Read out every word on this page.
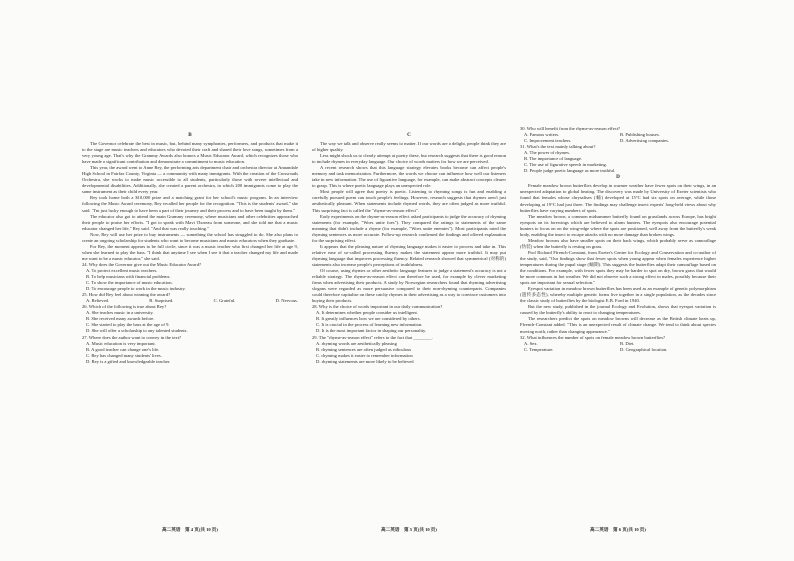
B

The Governor celebrate the best in music, but, behind many symphonies, performers, and products that make it to the stage are music teachers and educators who devoted their craft and shared their love songs, sometimes from a very young age. That's why the Grammy Awards also honors a Music Educator Award, which recognizes those who have made a significant contribution and demonstrate a commitment to music education.

This year, the award went to Anne Rey, the performing arts department chair and orchestra director at Annandale High School in Fairfax County, Virginia — a community with many immigrants. With the creation of the Crossroads Orchestra, she works to make music accessible to all students, particularly those with severe intellectual and developmental disabilities. Additionally, she created a parent orchestra, in which 200 immigrants come to play the same instrument as their child every year.

Rey took home both a $10,000 prize and a matching grant for her school's music program. In an interview following the Music Award ceremony, Rey recalled her people for the recognition. "This is the students' award," she said. "I'm just lucky enough to have been a part of their journey and their process and to have been taught by them."

The educator also got to attend the main Grammy ceremony, where musicians and other celebrities approached their people to praise her efforts. "I got to speak with Mavi Thoreau from someone, and she told me that a music educator changed her life," Rey said. "And that was really touching."

Now, Rey will use her prize to buy instruments — something the school has struggled to do. She also plans to create an ongoing scholarship for students who want to become musicians and music educators when they graduate.

For Rey, the moment appears to be full circle, since it was a music teacher who first changed her life at age 9, when she learned to play the bass. "I think that anytime I see when I see it that a teacher changed my life and made me want to be a music educator," she said.

24. Why does the Governor give out the Music Educator Award?

A. To protect excellent music teachers.

B. To help musicians with financial problems.

C. To show the importance of music education.

D. To encourage people to work in the music industry.

25. How did Rey feel about winning the award?

A. Relieved.	B. Surprised.	C. Grateful.	D. Nervous.

26. Which of the following is true about Rey?

A. She teaches music in a university.

B. She received many awards before.

C. She started to play the bass at the age of 9.

D. She will offer a scholarship to any talented students.

27. Where does the author want to convey in the text?

A. Music education is very important.

B. A good teacher can change one's life.

C. Rey has changed many students' lives.

D. Rey is a gifted and knowledgeable teacher.

C

The way we talk and observe really seems to matter. If our words are a delight, people think they are of higher quality.

Less might shock us to clearly attempt at poetry these, but research suggests that there is good reason to include rhymes in everyday language. Our choice of words matters for how we are perceived.

A recent research shows that this language strategy elevates books become can affect people's memory and task memorization. Furthermore, the words we choose can influence how well our listeners take in new information. The use of figurative language, for example, can make abstract concepts clearer to grasp. This is where poetic language plays an unexpected role.

Most people will agree that poetry is poetic. Listening to rhyming songs is fun and enabling a carefully pursued poem can touch people's feelings. However, research suggests that rhymes aren't just aesthetically pleasant. When statements include rhymed words, they are often judged as more truthful. This surprising fact is called the "rhyme-as-reason effect".

Early experiments on the rhyme-as-reason effect asked participants to judge the accuracy of rhyming statements (for example, "Woes unite foes"). They compared the ratings to statements of the same meaning that didn't include a rhyme (for example, "Woes unite enemies"). Most participants rated the rhyming sentences as more accurate. Follow-up research confirmed the findings and offered explanation for the surprising effect.

It appears that the pleasing nature of rhyming language makes it easier to process and take in. This relative ease of so-called processing fluency makes the statement appear more truthful. It may put rhyming language that improves processing fluency. Related research showed that symmetrical (对称的) statements also increase people's perceptions of truthfulness.

Of course, using rhymes or other aesthetic language features to judge a statement's accuracy is not a reliable strategy. The rhyme-as-reason effect can therefore be used, for example by clever marketing firms when advertising their products. A study by Norwegian researchers found that rhyming advertising slogans were regarded as more persuasive compared to their non-rhyming counterparts. Companies could therefore capitalise on these catchy rhymes in their advertising as a way to convince customers into buying their products.

28. Why is the choice of words important in our daily communication?

A. It determines whether people consider us intelligent.

B. It greatly influences how we are considered by others.

C. It is crucial in the process of learning new information.

D. It is the most important factor in shaping our personality.

29. The "rhyme-as-reason effect" refers to the fact that ________.

A. rhyming words are aesthetically pleasing

B. rhyming sentences are often judged as ridiculous

C. rhyming makes it easier to remember information

D. rhyming statements are more likely to be believed

30. Who will benefit from the rhyme-as-reason effect?

A. Famous writers.	B. Publishing houses.
C. Improvement teachers.	D. Advertising companies.

31. What's the text mainly talking about?

A. The power of rhymes.

B. The importance of language.

C. The use of figurative speech in marketing.

D. People judge poetic language as more truthful.

D

Female meadow brown butterflies develop in warmer weather have fewer spots on their wings, in an unexpected adaptation to global heating. The discovery was made by University of Exeter scientists who found that females whose chrysalises (蛹) developed at 15°C had six spots on average, while those developing at 19°C had just three. The findings may challenge insect experts' long-held views about why butterflies have varying numbers of spots.

The meadow brown, a common midsummer butterfly found on grasslands across Europe, has bright eyespots on its forewings which are believed to alarm hunters. The eyespots also encourage potential hunters to focus on on the wing-edge where the spots are positioned, well away from the butterfly's weak body, enabling the insect to escape attacks with no more damage than broken wings.

Meadow browns also have smaller spots on their back wings, which probably serve as camouflage (伪装) when the butterfly is resting on grass.

Prof Richard Ffrench-Constant, from Exeter's Centre for Ecology and Conservation and co-author of the study, said, "Our findings show that fewer spots when young appear when females experience higher temperatures during the pupal stage (蛹期). This suggests the butterflies adapt their camouflage based on the conditions. For example, with fewer spots they may be harder to spot on dry, brown grass that would be more common in hot weather. We did not observe such a strong effect in males, possibly because their spots are important for sexual selection."

Eyespot variation in meadow brown butterflies has been used as an example of genetic polymorphism (遗传多态性), whereby multiple genetic forms live together in a single population, as the decades since the classic study of butterflies by the biologist E.B. Ford in 1940.

But the new study, published in the journal Ecology and Evolution, shows that eyespot variation is caused by the butterfly's ability to react to changing temperatures.

The researchers predict the spots on meadow browns will decrease as the British climate heats up, Ffrench-Constant added. "This is an unexpected result of climate change. We tend to think about species moving north, rather than changing appearance."

32. What influences the number of spots on female meadow brown butterflies?

A. Sex.	B. Diet.
C. Temperature.	D. Geographical location.
高二英语　第 4 页(共 10 页)	高二英语　第 5 页(共 10 页)	高二英语　第 6 页(共 10 页)
